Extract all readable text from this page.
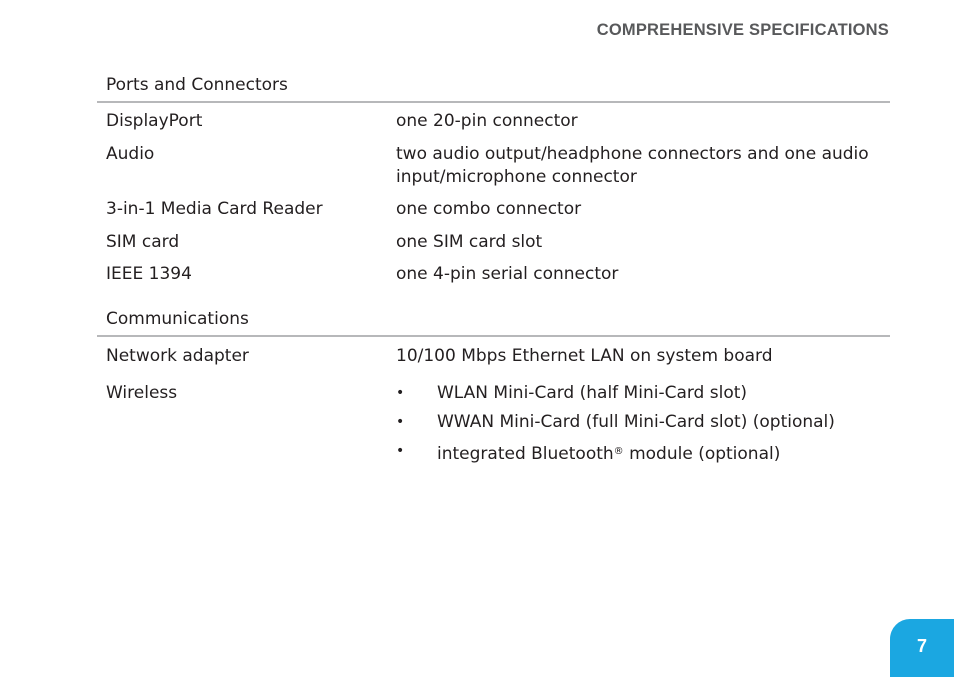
COMPREHENSIVE SPECIFICATIONS
Ports and Connectors
DisplayPort	one 20-pin connector
Audio	two audio output/headphone connectors and one audio input/microphone connector
3-in-1 Media Card Reader	one combo connector
SIM card	one SIM card slot
IEEE 1394	one 4-pin serial connector
Communications
Network adapter	10/100 Mbps Ethernet LAN on system board
Wireless	• WLAN Mini-Card (half Mini-Card slot)
• WWAN Mini-Card (full Mini-Card slot) (optional)
• integrated Bluetooth® module (optional)
7
